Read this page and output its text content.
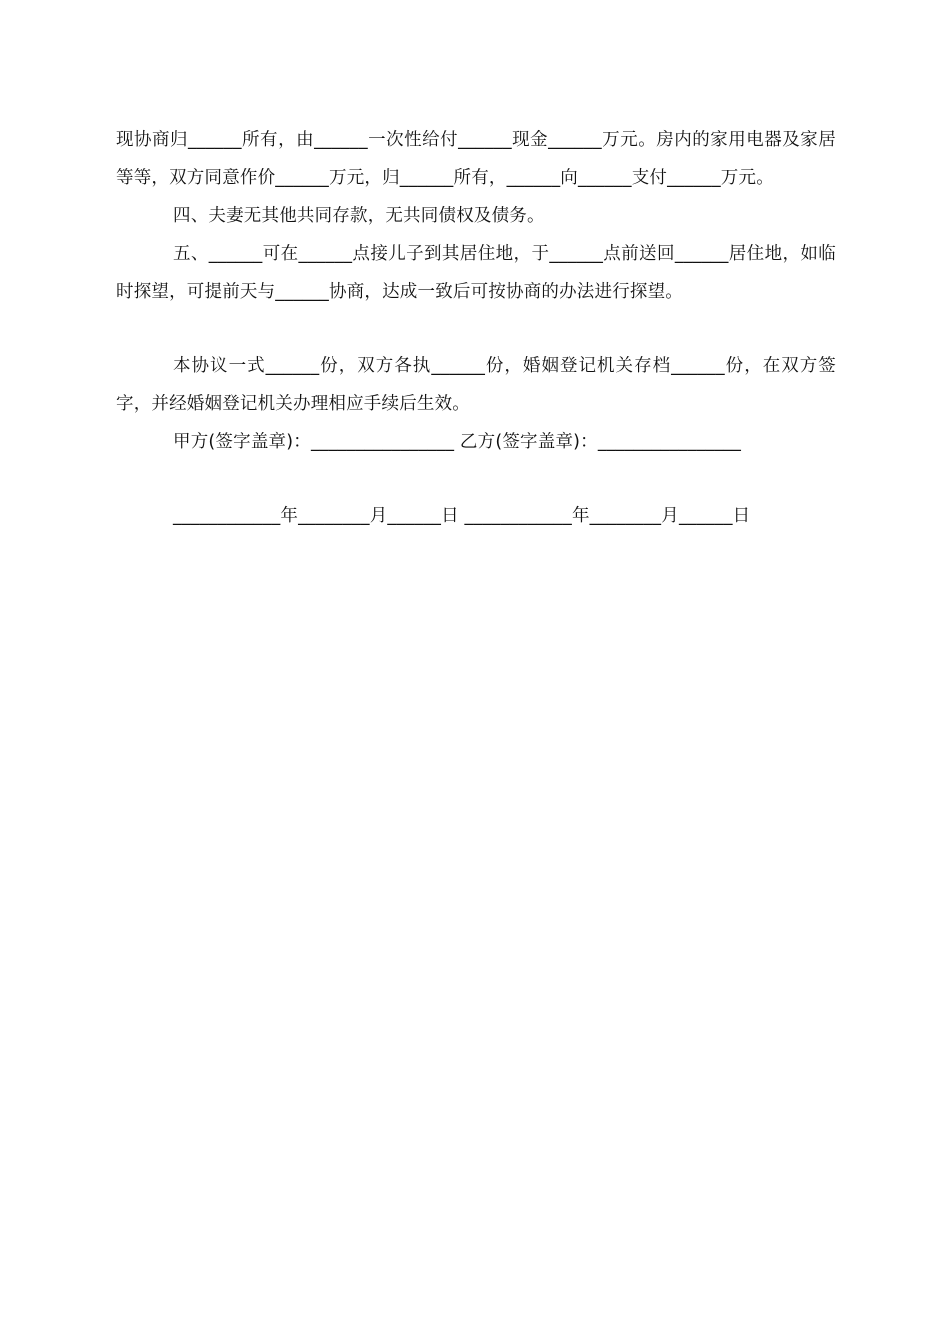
现协商归______所有，由______一次性给付______现金______万元。房内的家用电器及家居等等，双方同意作价______万元，归______所有，______向______支付______万元。

四、夫妻无其他共同存款，无共同债权及债务。

五、______可在______点接儿子到其居住地，于______点前送回______居住地，如临时探望，可提前天与______协商，达成一致后可按协商的办法进行探望。

本协议一式______份，双方各执______份，婚姻登记机关存档______份，在双方签字，并经婚姻登记机关办理相应手续后生效。

甲方(签字盖章)：________________ 乙方(签字盖章)：________________

____________年________月______日 ____________年________月______日
